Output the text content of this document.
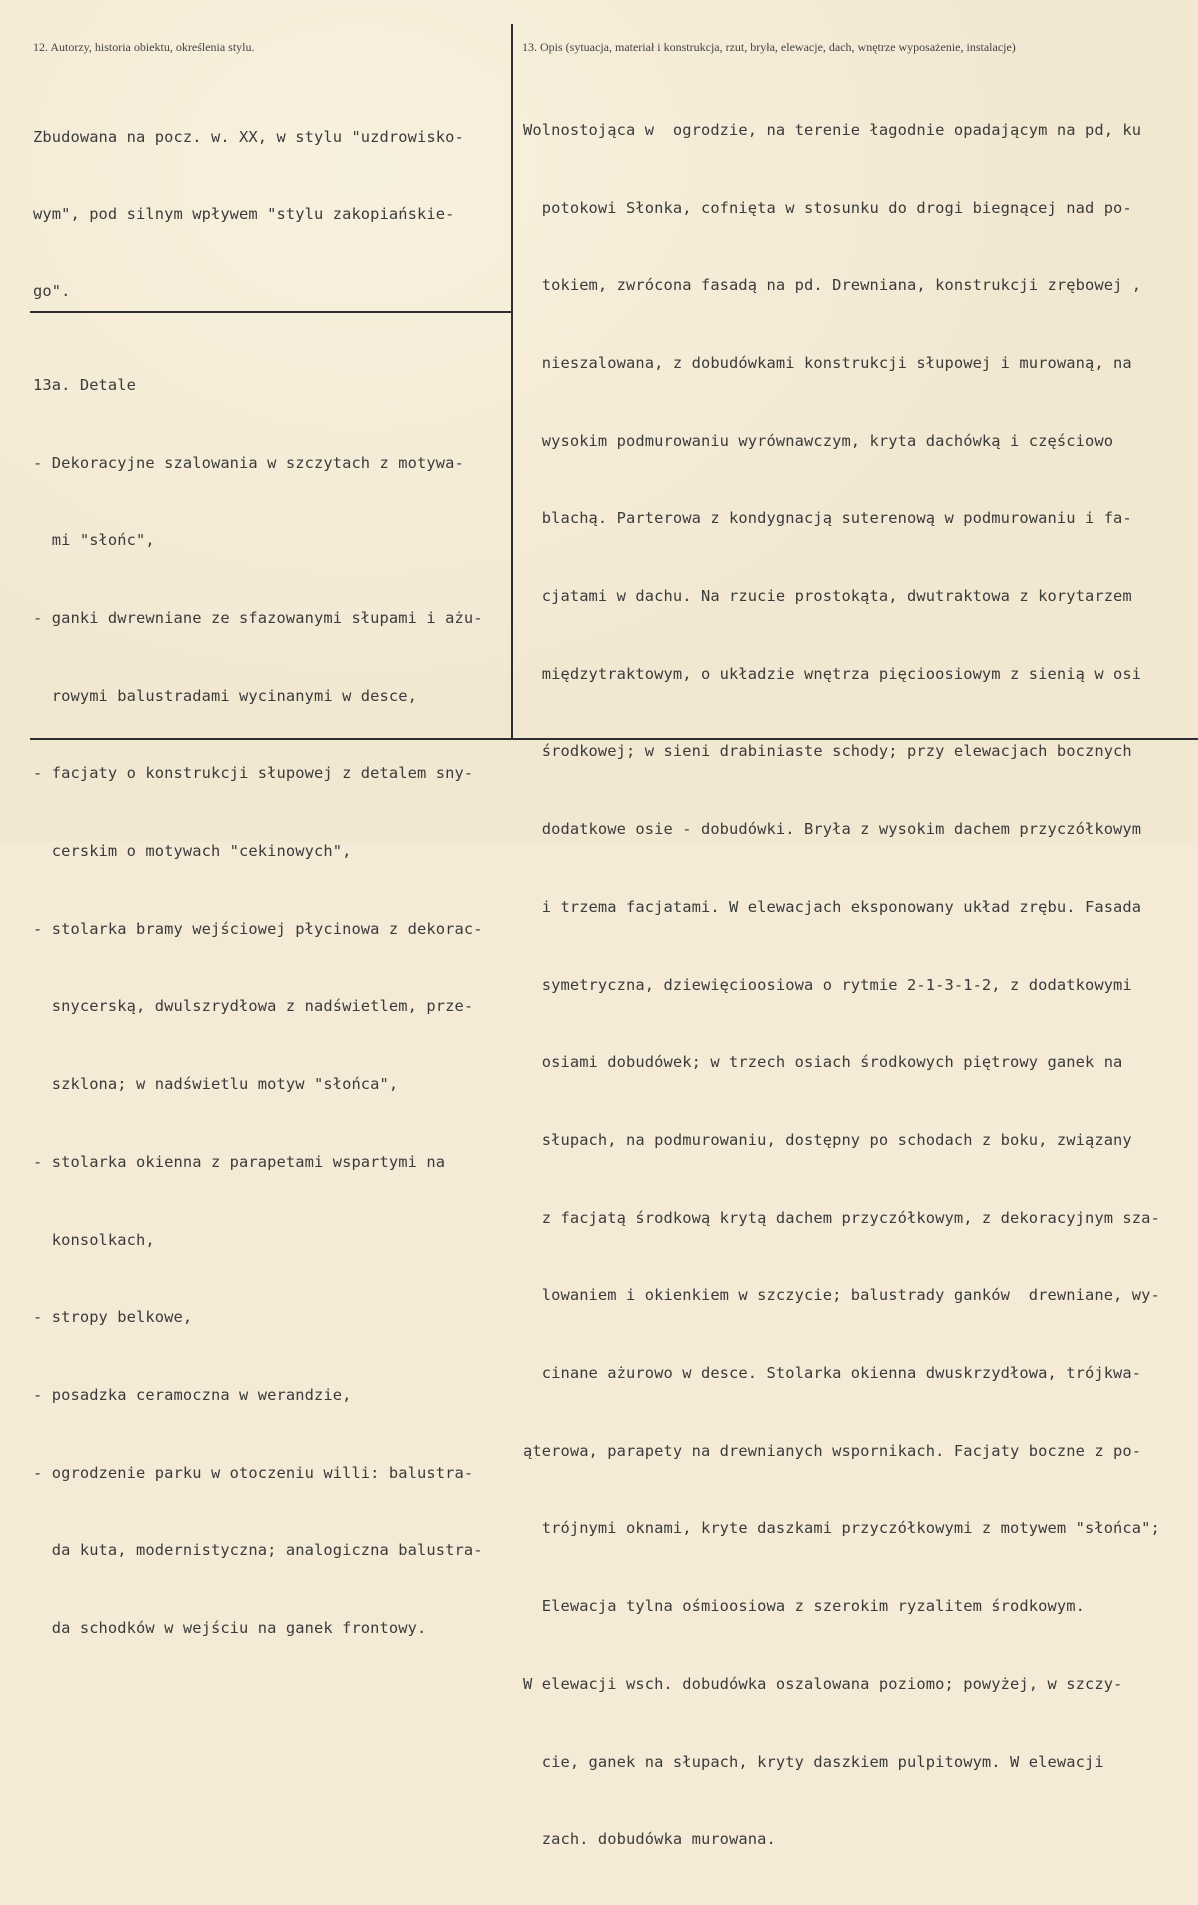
12. Autorzy, historia obiektu, określenia stylu.	13. Opis (sytuacja, materiał i konstrukcja, rzut, bryła, elewacje, dach, wnętrze wyposażenie, instalacje)

Zbudowana na pocz. w. XX, w stylu "uzdrowisko-

wym", pod silnym wpływem "stylu zakopiańskie-

go".

13a. Detale

- Dekoracyjne szalowania w szczytach z motywa-

mi "słońc",

- ganki dwrewniane ze sfazowanymi słupami i ażu-

rowymi balustradami wycinanymi w desce,

- facjaty o konstrukcji słupowej z detalem sny-

cerskim o motywach "cekinowych",

- stolarka bramy wejściowej płycinowa z dekorac-

snycerską, dwulszrydłowa z nadświetlem, prze-

szklona; w nadświetlu motyw "słońca",

- stolarka okienna z parapetami wspartymi na

konsolkach,

- stropy belkowe,

- posadzka ceramoczna w werandzie,

- ogrodzenie parku w otoczeniu willi: balustra-

da kuta, modernistyczna; analogiczna balustra-

da schodków w wejściu na ganek frontowy.

Wolnostojąca w  ogrodzie, na terenie łagodnie opadającym na pd, ku

potokowi Słonka, cofnięta w stosunku do drogi biegnącej nad po-

tokiem, zwrócona fasadą na pd. Drewniana, konstrukcji zrębowej ,

nieszalowana, z dobudówkami konstrukcji słupowej i murowaną, na

wysokim podmurowaniu wyrównawczym, kryta dachówką i częściowo

blachą. Parterowa z kondygnacją suterenową w podmurowaniu i fa-

cjatami w dachu. Na rzucie prostokąta, dwutraktowa z korytarzem

międzytraktowym, o układzie wnętrza pięcioosiowym z sienią w osi

środkowej; w sieni drabiniaste schody; przy elewacjach bocznych

dodatkowe osie - dobudówki. Bryła z wysokim dachem przyczółkowym

i trzema facjatami. W elewacjach eksponowany układ zrębu. Fasada

symetryczna, dziewięcioosiowa o rytmie 2-1-3-1-2, z dodatkowymi

osiami dobudówek; w trzech osiach środkowych piętrowy ganek na

słupach, na podmurowaniu, dostępny po schodach z boku, związany

z facjatą środkową krytą dachem przyczółkowym, z dekoracyjnym sza-

lowaniem i okienkiem w szczycie; balustrady ganków  drewniane, wy-

cinane ażurowo w desce. Stolarka okienna dwuskrzydłowa, trójkwa-

ąterowa, parapety na drewnianych wspornikach. Facjaty boczne z po-

trójnymi oknami, kryte daszkami przyczółkowymi z motywem "słońca";

Elewacja tylna ośmioosiowa z szerokim ryzalitem środkowym.

W elewacji wsch. dobudówka oszalowana poziomo; powyżej, w szczy-

cie, ganek na słupach, kryty daszkiem pulpitowym. W elewacji

zach. dobudówka murowana.
